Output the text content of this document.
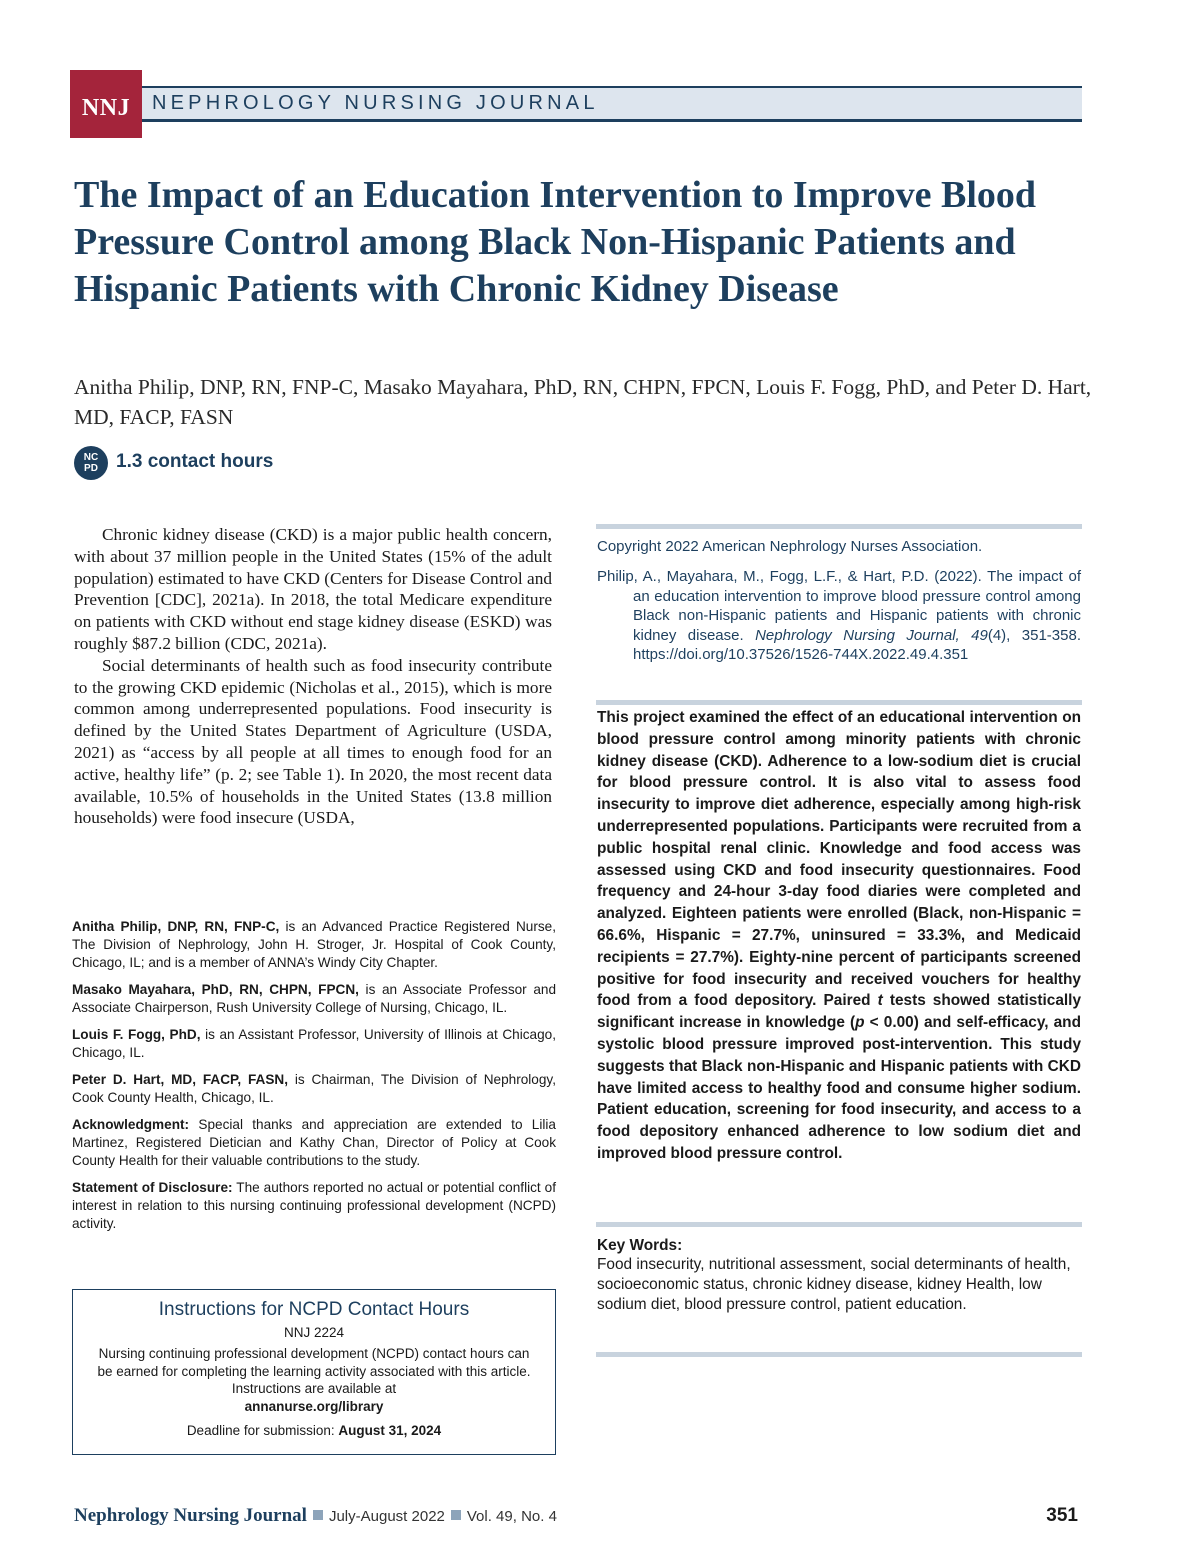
NNJ	NEPHROLOGY NURSING JOURNAL
The Impact of an Education Intervention to Improve Blood Pressure Control among Black Non-Hispanic Patients and Hispanic Patients with Chronic Kidney Disease
Anitha Philip, DNP, RN, FNP-C, Masako Mayahara, PhD, RN, CHPN, FPCN, Louis F. Fogg, PhD, and Peter D. Hart, MD, FACP, FASN
NC
PD 1.3 contact hours

Chronic kidney disease (CKD) is a major public health concern, with about 37 million people in the United States (15% of the adult population) estimated to have CKD (Centers for Disease Control and Prevention [CDC], 2021a). In 2018, the total Medicare expenditure on patients with CKD without end stage kidney disease (ESKD) was roughly $87.2 billion (CDC, 2021a).

Social determinants of health such as food insecurity contribute to the growing CKD epidemic (Nicholas et al., 2015), which is more common among underrepresented populations. Food insecurity is defined by the United States Department of Agriculture (USDA, 2021) as “access by all people at all times to enough food for an active, healthy life” (p. 2; see Table 1). In 2020, the most recent data available, 10.5% of households in the United States (13.8 million households) were food insecure (USDA,

Anitha Philip, DNP, RN, FNP-C, is an Advanced Practice Registered Nurse, The Division of Nephrology, John H. Stroger, Jr. Hospital of Cook County, Chicago, IL; and is a member of ANNA’s Windy City Chapter.

Masako Mayahara, PhD, RN, CHPN, FPCN, is an Associate Professor and Associate Chairperson, Rush University College of Nursing, Chicago, IL.

Louis F. Fogg, PhD, is an Assistant Professor, University of Illinois at Chicago, Chicago, IL.

Peter D. Hart, MD, FACP, FASN, is Chairman, The Division of Nephrology, Cook County Health, Chicago, IL.

Acknowledgment: Special thanks and appreciation are extended to Lilia Martinez, Registered Dietician and Kathy Chan, Director of Policy at Cook County Health for their valuable contributions to the study.

Statement of Disclosure: The authors reported no actual or potential conflict of interest in relation to this nursing continuing professional development (NCPD) activity.

Instructions for NCPD Contact Hours
NNJ 2224
Nursing continuing professional development (NCPD) contact hours can be earned for completing the learning activity associated with this article. Instructions are available at
annanurse.org/library
Deadline for submission: August 31, 2024
Copyright 2022 American Nephrology Nurses Association.
Philip, A., Mayahara, M., Fogg, L.F., & Hart, P.D. (2022). The impact of an education intervention to improve blood pressure control among Black non-Hispanic patients and Hispanic patients with chronic kidney disease. Nephrology Nursing Journal, 49(4), 351-358. https://doi.org/10.37526/1526-744X.2022.49.4.351
This project examined the effect of an educational intervention on blood pressure control among minority patients with chronic kidney disease (CKD). Adherence to a low-sodium diet is crucial for blood pressure control. It is also vital to assess food insecurity to improve diet adherence, especially among high-risk underrepresented populations. Participants were recruited from a public hospital renal clinic. Knowledge and food access was assessed using CKD and food insecurity questionnaires. Food frequency and 24-hour 3-day food diaries were completed and analyzed. Eighteen patients were enrolled (Black, non-Hispanic = 66.6%, Hispanic = 27.7%, uninsured = 33.3%, and Medicaid recipients = 27.7%). Eighty-nine percent of participants screened positive for food insecurity and received vouchers for healthy food from a food depository. Paired t tests showed statistically significant increase in knowledge (p < 0.00) and self-efficacy, and systolic blood pressure improved post-intervention. This study suggests that Black non-Hispanic and Hispanic patients with CKD have limited access to healthy food and consume higher sodium. Patient education, screening for food insecurity, and access to a food depository enhanced adherence to low sodium diet and improved blood pressure control.
Key Words:
Food insecurity, nutritional assessment, social determinants of health, socioeconomic status, chronic kidney disease, kidney Health, low sodium diet, blood pressure control, patient education.
Nephrology Nursing Journal July-August 2022 Vol. 49, No. 4	351
